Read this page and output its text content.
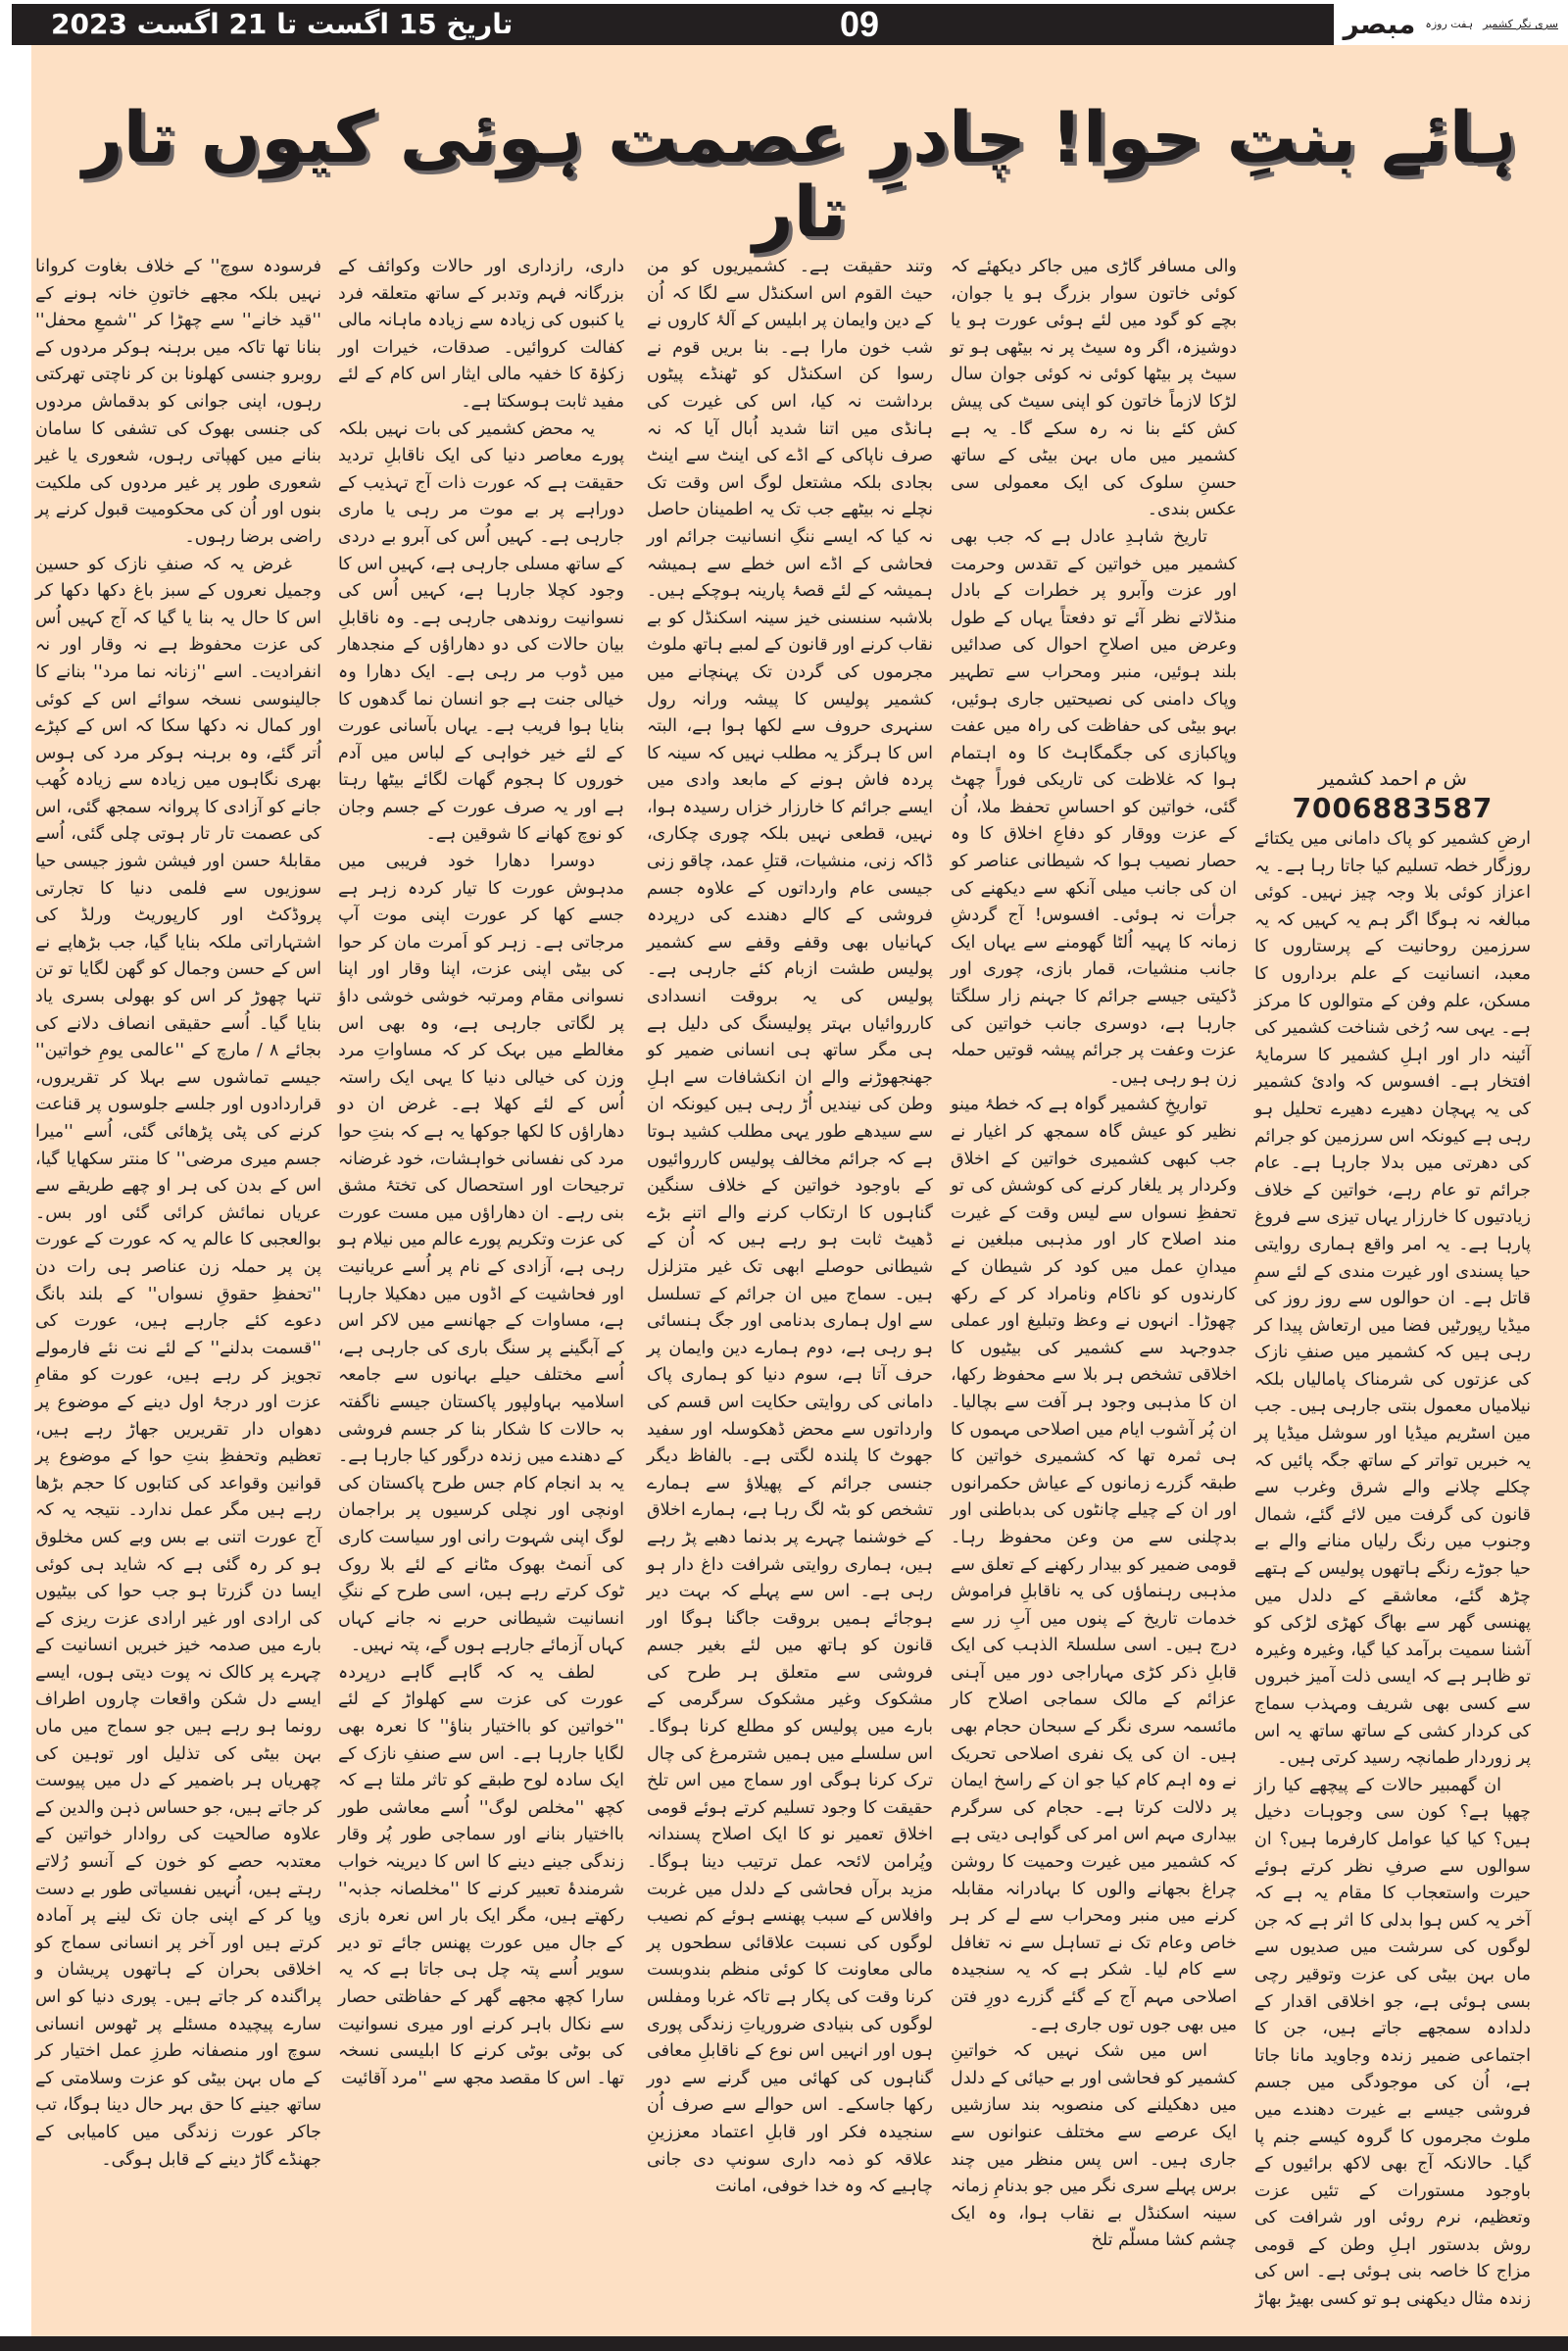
تاریخ 15 اگست تا 21 اگست 2023	09	مبصر ہفت روزہ سری نگر کشمیر
ہائے بنتِ حوا! چادرِ عصمت ہوئی کیوں تار تار

فرسودہ سوچ'' کے خلاف بغاوت کروانا نہیں بلکہ مجھے خاتونِ خانہ ہونے کے ''قید خانے'' سے چھڑا کر ''شمعِ محفل'' بنانا تھا تاکہ میں برہنہ ہوکر مردوں کے روبرو جنسی کھلونا بن کر ناچتی تھرکتی رہوں، اپنی جوانی کو بدقماش مردوں کی جنسی بھوک کی تشفی کا سامان بنانے میں کھپاتی رہوں، شعوری یا غیر شعوری طور پر غیر مردوں کی ملکیت بنوں اور اُن کی محکومیت قبول کرنے پر راضی برضا رہوں۔

غرض یہ کہ صنفِ نازک کو حسین وجمیل نعروں کے سبز باغ دکھا دکھا کر اس کا حال یہ بنا یا گیا کہ آج کہیں اُس کی عزت محفوظ ہے نہ وقار اور نہ انفرادیت۔ اسے ''زنانہ نما مرد'' بنانے کا جالینوسی نسخہ سوائے اس کے کوئی اور کمال نہ دکھا سکا کہ اس کے کپڑے اُتر گئے، وہ برہنہ ہوکر مرد کی ہوس بھری نگاہوں میں زیادہ سے زیادہ کُھب جانے کو آزادی کا پروانہ سمجھ گئی، اس کی عصمت تار تار ہوتی چلی گئی، اُسے مقابلۂ حسن اور فیشن شوز جیسی حیا سوزیوں سے فلمی دنیا کا تجارتی پروڈکٹ اور کارپوریٹ ورلڈ کی اشتہاراتی ملکہ بنایا گیا، جب بڑھاپے نے اس کے حسن وجمال کو گھن لگایا تو تن تنہا چھوڑ کر اس کو بھولی بسری یاد بنایا گیا۔ اُسے حقیقی انصاف دلانے کی بجائے ۸ / مارچ کے ''عالمی یومِ خواتین'' جیسے تماشوں سے بہلا کر تقریروں، قراردادوں اور جلسے جلوسوں پر قناعت کرنے کی پٹی پڑھائی گئی، اُسے ''میرا جسم میری مرضی'' کا منتر سکھایا گیا، اس کے بدن کی ہر او چھے طریقے سے عریاں نمائش کرائی گئی اور بس۔ بوالعجبی کا عالم یہ کہ عورت کے عورت پن پر حملہ زن عناصر ہی رات دن ''تحفظِ حقوقِ نسواں'' کے بلند بانگ دعوے کئے جارہے ہیں، عورت کی ''قسمت بدلنے'' کے لئے نت نئے فارمولے تجویز کر رہے ہیں، عورت کو مقامِ عزت اور درجۂ اول دینے کے موضوع پر دھواں دار تقریریں جھاڑ رہے ہیں، تعظیم وتحفظِ بنتِ حوا کے موضوع پر قوانین وقواعد کی کتابوں کا حجم بڑھا رہے ہیں مگر عمل ندارد۔ نتیجہ یہ کہ آج عورت اتنی بے بس وبے کس مخلوق ہو کر رہ گئی ہے کہ شاید ہی کوئی ایسا دن گزرتا ہو جب حوا کی بیٹیوں کی ارادی اور غیر ارادی عزت ریزی کے بارے میں صدمہ خیز خبریں انسانیت کے چہرے پر کالک نہ پوت دیتی ہوں، ایسے ایسے دل شکن واقعات چاروں اطراف رونما ہو رہے ہیں جو سماج میں ماں بہن بیٹی کی تذلیل اور توہین کی چھریاں ہر باضمیر کے دل میں پیوست کر جاتے ہیں، جو حساس ذہن والدین کے علاوہ صالحیت کی روادار خواتین کے معتدبہ حصے کو خون کے آنسو رُلاتے رہتے ہیں، اُنہیں نفسیاتی طور بے دست وپا کر کے اپنی جان تک لینے پر آمادہ کرتے ہیں اور آخر پر انسانی سماج کو اخلاقی بحران کے ہاتھوں پریشان و پراگندہ کر جاتے ہیں۔ پوری دنیا کو اس سارے پیچیدہ مسئلے پر ٹھوس انسانی سوچ اور منصفانہ طرزِ عمل اختیار کر کے ماں بہن بیٹی کو عزت وسلامتی کے ساتھ جینے کا حق بہر حال دینا ہوگا، تب جاکر عورت زندگی میں کامیابی کے جھنڈے گاڑ دینے کے قابل ہوگی۔

داری، رازداری اور حالات وکوائف کے بزرگانہ فہم وتدبر کے ساتھ متعلقہ فرد یا کنبوں کی زیادہ سے زیادہ ماہانہ مالی کفالت کروائیں۔ صدقات، خیرات اور زکوٰۃ کا خفیہ مالی ایثار اس کام کے لئے مفید ثابت ہوسکتا ہے۔

یہ محض کشمیر کی بات نہیں بلکہ پورے معاصر دنیا کی ایک ناقابلِ تردید حقیقت ہے کہ عورت ذات آج تہذیب کے دوراہے پر بے موت مر رہی یا ماری جارہی ہے۔ کہیں اُس کی آبرو بے دردی کے ساتھ مسلی جارہی ہے، کہیں اس کا وجود کچلا جارہا ہے، کہیں اُس کی نسوانیت روندھی جارہی ہے۔ وہ ناقابلِ بیان حالات کی دو دھاراؤں کے منجدھار میں ڈوب مر رہی ہے۔ ایک دھارا وہ خیالی جنت ہے جو انسان نما گدھوں کا بنایا ہوا فریب ہے۔ یہاں بآسانی عورت کے لئے خیر خواہی کے لباس میں آدم خوروں کا ہجوم گھات لگائے بیٹھا رہتا ہے اور یہ صرف عورت کے جسم وجان کو نوچ کھانے کا شوقین ہے۔

دوسرا دھارا خود فریبی میں مدہوش عورت کا تیار کردہ زہر ہے جسے کھا کر عورت اپنی موت آپ مرجاتی ہے۔ زہر کو اَمرت مان کر حوا کی بیٹی اپنی عزت، اپنا وقار اور اپنا نسوانی مقام ومرتبہ خوشی خوشی داؤ پر لگاتی جارہی ہے، وہ بھی اس مغالطے میں بہک کر کہ مساواتِ مرد وزن کی خیالی دنیا کا یہی ایک راستہ اُس کے لئے کھلا ہے۔ غرض ان دو دھاراؤں کا لکھا جوکھا یہ ہے کہ بنتِ حوا مرد کی نفسانی خواہشات، خود غرضانہ ترجیحات اور استحصال کی تختۂ مشق بنی رہے۔ ان دھاراؤں میں مست عورت کی عزت وتکریم پورے عالم میں نیلام ہو رہی ہے، آزادی کے نام پر اُسے عریانیت اور فحاشیت کے اڈوں میں دھکیلا جارہا ہے، مساوات کے جھانسے میں لاکر اس کے آبگینے پر سنگ باری کی جارہی ہے، اُسے مختلف حیلے بہانوں سے جامعہ اسلامیہ بہاولپور پاکستان جیسے ناگفتہ بہ حالات کا شکار بنا کر جسم فروشی کے دھندے میں زندہ درگور کیا جارہا ہے۔ یہ بد انجام کام جس طرح پاکستان کی اونچی اور نچلی کرسیوں پر براجمان لوگ اپنی شہوت رانی اور سیاست کاری کی اَنمٹ بھوک مٹانے کے لئے بلا روک ٹوک کرتے رہے ہیں، اسی طرح کے ننگِ انسانیت شیطانی حربے نہ جانے کہاں کہاں آزمائے جارہے ہوں گے، پتہ نہیں۔

لطف یہ کہ گاہے گاہے درپردہ عورت کی عزت سے کھلواڑ کے لئے ''خواتین کو بااختیار بناؤ'' کا نعرہ بھی لگایا جارہا ہے۔ اس سے صنفِ نازک کے ایک سادہ لوح طبقے کو تاثر ملتا ہے کہ کچھ ''مخلص لوگ'' اُسے معاشی طور بااختیار بنانے اور سماجی طور پُر وقار زندگی جینے دینے کا اس کا دیرینہ خواب شرمندۂ تعبیر کرنے کا ''مخلصانہ جذبہ'' رکھتے ہیں، مگر ایک بار اس نعرہ بازی کے جال میں عورت پھنس جائے تو دیر سویر اُسے پتہ چل ہی جاتا ہے کہ یہ سارا کچھ مجھے گھر کے حفاظتی حصار سے نکال باہر کرنے اور میری نسوانیت کی بوٹی بوٹی کرنے کا ابلیسی نسخہ تھا۔ اس کا مقصد مجھ سے ''مرد آقائیت

وتند حقیقت ہے۔ کشمیریوں کو من حیث القوم اس اسکنڈل سے لگا کہ اُن کے دین وایمان پر ابلیس کے آلۂ کاروں نے شب خون مارا ہے۔ بنا بریں قوم نے رسوا کن اسکنڈل کو ٹھنڈے پیٹوں برداشت نہ کیا، اس کی غیرت کی ہانڈی میں اتنا شدید اُبال آیا کہ نہ صرف ناپاکی کے اڈے کی اینٹ سے اینٹ بجادی بلکہ مشتعل لوگ اس وقت تک نچلے نہ بیٹھے جب تک یہ اطمینان حاصل نہ کیا کہ ایسے ننگِ انسانیت جرائم اور فحاشی کے اڈے اس خطے سے ہمیشہ ہمیشہ کے لئے قصۂ پارینہ ہوچکے ہیں۔ بلاشبہ سنسنی خیز سینہ اسکنڈل کو بے نقاب کرنے اور قانون کے لمبے ہاتھ ملوث مجرموں کی گردن تک پہنچانے میں کشمیر پولیس کا پیشہ ورانہ رول سنہری حروف سے لکھا ہوا ہے، البتہ اس کا ہرگز یہ مطلب نہیں کہ سینہ کا پردہ فاش ہونے کے مابعد وادی میں ایسے جرائم کا خارزار خزاں رسیدہ ہوا، نہیں، قطعی نہیں بلکہ چوری چکاری، ڈاکہ زنی، منشیات، قتلِ عمد، چاقو زنی جیسی عام وارداتوں کے علاوہ جسم فروشی کے کالے دھندے کی درپردہ کہانیاں بھی وقفے وقفے سے کشمیر پولیس طشت ازبام کئے جارہی ہے۔ پولیس کی یہ بروقت انسدادی کارروائیاں بہتر پولیسنگ کی دلیل ہے ہی مگر ساتھ ہی انسانی ضمیر کو جھنجھوڑنے والے ان انکشافات سے اہلِ وطن کی نیندیں اُڑ رہی ہیں کیونکہ ان سے سیدھے طور یہی مطلب کشید ہوتا ہے کہ جرائم مخالف پولیس کارروائیوں کے باوجود خواتین کے خلاف سنگین گناہوں کا ارتکاب کرنے والے اتنے بڑے ڈھیٹ ثابت ہو رہے ہیں کہ اُن کے شیطانی حوصلے ابھی تک غیر متزلزل ہیں۔ سماج میں ان جرائم کے تسلسل سے اول ہماری بدنامی اور جگ ہنسائی ہو رہی ہے، دوم ہمارے دین وایمان پر حرف آتا ہے، سوم دنیا کو ہماری پاک دامانی کی روایتی حکایت اس قسم کی وارداتوں سے محض ڈھکوسلہ اور سفید جھوٹ کا پلندہ لگتی ہے۔ بالفاظ دیگر جنسی جرائم کے پھیلاؤ سے ہمارے تشخص کو بٹہ لگ رہا ہے، ہمارے اخلاق کے خوشنما چہرے پر بدنما دھبے پڑ رہے ہیں، ہماری روایتی شرافت داغ دار ہو رہی ہے۔ اس سے پہلے کہ بہت دیر ہوجائے ہمیں بروقت جاگنا ہوگا اور قانون کو ہاتھ میں لئے بغیر جسم فروشی سے متعلق ہر طرح کی مشکوک وغیر مشکوک سرگرمی کے بارے میں پولیس کو مطلع کرنا ہوگا۔ اس سلسلے میں ہمیں شترمرغ کی چال ترک کرنا ہوگی اور سماج میں اس تلخ حقیقت کا وجود تسلیم کرتے ہوئے قومی اخلاق تعمیر نو کا ایک اصلاح پسندانہ وپُرامن لائحہ عمل ترتیب دینا ہوگا۔ مزید برآں فحاشی کے دلدل میں غربت وافلاس کے سبب پھنسے ہوئے کم نصیب لوگوں کی نسبت علاقائی سطحوں پر مالی معاونت کا کوئی منظم بندوبست کرنا وقت کی پکار ہے تاکہ غربا ومفلس لوگوں کی بنیادی ضروریاتِ زندگی پوری ہوں اور انہیں اس نوع کے ناقابلِ معافی گناہوں کی کھائی میں گرنے سے دور رکھا جاسکے۔ اس حوالے سے صرف اُن سنجیدہ فکر اور قابلِ اعتماد معززینِ علاقہ کو ذمہ داری سونپ دی جانی چاہیے کہ وہ خدا خوفی، امانت

والی مسافر گاڑی میں جاکر دیکھئے کہ کوئی خاتون سوار بزرگ ہو یا جوان، بچے کو گود میں لئے ہوئی عورت ہو یا دوشیزہ، اگر وہ سیٹ پر نہ بیٹھی ہو تو سیٹ پر بیٹھا کوئی نہ کوئی جوان سال لڑکا لازماً خاتون کو اپنی سیٹ کی پیش کش کئے بنا نہ رہ سکے گا۔ یہ ہے کشمیر میں ماں بہن بیٹی کے ساتھ حسنِ سلوک کی ایک معمولی سی عکس بندی۔

تاریخ شاہدِ عادل ہے کہ جب بھی کشمیر میں خواتین کے تقدس وحرمت اور عزت وآبرو پر خطرات کے بادل منڈلاتے نظر آئے تو دفعتاً یہاں کے طول وعرض میں اصلاحِ احوال کی صدائیں بلند ہوئیں، منبر ومحراب سے تطہیر وپاک دامنی کی نصیحتیں جاری ہوئیں، بہو بیٹی کی حفاظت کی راہ میں عفت وپاکبازی کی جگمگاہٹ کا وہ اہتمام ہوا کہ غلاظت کی تاریکی فوراً چھٹ گئی، خواتین کو احساسِ تحفظ ملا، اُن کے عزت ووقار کو دفاعِ اخلاق کا وہ حصار نصیب ہوا کہ شیطانی عناصر کو ان کی جانب میلی آنکھ سے دیکھنے کی جرأت نہ ہوئی۔ افسوس! آج گردشِ زمانہ کا پہیہ اُلٹا گھومنے سے یہاں ایک جانب منشیات، قمار بازی، چوری اور ڈکیتی جیسے جرائم کا جہنم زار سلگتا جارہا ہے، دوسری جانب خواتین کی عزت وعفت پر جرائم پیشہ قوتیں حملہ زن ہو رہی ہیں۔

تواریخِ کشمیر گواہ ہے کہ خطۂ مینو نظیر کو عیش گاہ سمجھ کر اغیار نے جب کبھی کشمیری خواتین کے اخلاق وکردار پر یلغار کرنے کی کوشش کی تو تحفظِ نسواں سے لیس وقت کے غیرت مند اصلاح کار اور مذہبی مبلغین نے میدانِ عمل میں کود کر شیطان کے کارندوں کو ناکام ونامراد کر کے رکھ چھوڑا۔ انہوں نے وعظ وتبلیغ اور عملی جدوجہد سے کشمیر کی بیٹیوں کا اخلاقی تشخص ہر بلا سے محفوظ رکھا، ان کا مذہبی وجود ہر آفت سے بچالیا۔ ان پُر آشوب ایام میں اصلاحی مہموں کا ہی ثمرہ تھا کہ کشمیری خواتین کا طبقہ گزرے زمانوں کے عیاش حکمرانوں اور ان کے چیلے چانٹوں کی بدباطنی اور بدچلنی سے من وعن محفوظ رہا۔ قومی ضمیر کو بیدار رکھنے کے تعلق سے مذہبی رہنماؤں کی یہ ناقابلِ فراموش خدمات تاریخ کے پنوں میں آبِ زر سے درج ہیں۔ اسی سلسلۃ الذہب کی ایک قابلِ ذکر کڑی مہاراجی دور میں آہنی عزائم کے مالک سماجی اصلاح کار مائسمہ سری نگر کے سبحان حجام بھی ہیں۔ ان کی یک نفری اصلاحی تحریک نے وہ اہم کام کیا جو ان کے راسخ ایمان پر دلالت کرتا ہے۔ حجام کی سرگرم بیداری مہم اس امر کی گواہی دیتی ہے کہ کشمیر میں غیرت وحمیت کا روشن چراغ بجھانے والوں کا بہادرانہ مقابلہ کرنے میں منبر ومحراب سے لے کر ہر خاص وعام تک نے تساہل سے نہ تغافل سے کام لیا۔ شکر ہے کہ یہ سنجیدہ اصلاحی مہم آج کے گئے گزرے دورِ فتن میں بھی جوں توں جاری ہے۔

اس میں شک نہیں کہ خواتینِ کشمیر کو فحاشی اور بے حیائی کے دلدل میں دھکیلنے کی منصوبہ بند سازشیں ایک عرصے سے مختلف عنوانوں سے جاری ہیں۔ اس پس منظر میں چند برس پہلے سری نگر میں جو بدنامِ زمانہ سینہ اسکنڈل بے نقاب ہوا، وہ ایک چشم کشا مسلّم تلخ

ش م احمد کشمیر
7006883587

ارضِ کشمیر کو پاک دامانی میں یکتائے روزگار خطہ تسلیم کیا جاتا رہا ہے۔ یہ اعزاز کوئی بلا وجہ چیز نہیں۔ کوئی مبالغہ نہ ہوگا اگر ہم یہ کہیں کہ یہ سرزمین روحانیت کے پرستاروں کا معبد، انسانیت کے علم برداروں کا مسکن، علم وفن کے متوالوں کا مرکز ہے۔ یہی سہ رُخی شناخت کشمیر کی آئینہ دار اور اہلِ کشمیر کا سرمایۂ افتخار ہے۔ افسوس کہ وادیٔ کشمیر کی یہ پہچان دھیرے دھیرے تحلیل ہو رہی ہے کیونکہ اس سرزمین کو جرائم کی دھرتی میں بدلا جارہا ہے۔ عام جرائم تو عام رہے، خواتین کے خلاف زیادتیوں کا خارزار یہاں تیزی سے فروغ پارہا ہے۔ یہ امر واقع ہماری روایتی حیا پسندی اور غیرت مندی کے لئے سمِ قاتل ہے۔ ان حوالوں سے روز روز کی میڈیا رپورٹیں فضا میں ارتعاش پیدا کر رہی ہیں کہ کشمیر میں صنفِ نازک کی عزتوں کی شرمناک پامالیاں بلکہ نیلامیاں معمول بنتی جارہی ہیں۔ جب مین اسٹریم میڈیا اور سوشل میڈیا پر یہ خبریں تواتر کے ساتھ جگہ پائیں کہ چکلے چلانے والے شرق وغرب سے قانون کی گرفت میں لائے گئے، شمال وجنوب میں رنگ رلیاں منانے والے بے حیا جوڑے رنگے ہاتھوں پولیس کے ہتھے چڑھ گئے، معاشقے کے دلدل میں پھنسی گھر سے بھاگ کھڑی لڑکی کو آشنا سمیت برآمد کیا گیا، وغیرہ وغیرہ تو ظاہر ہے کہ ایسی ذلت آمیز خبروں سے کسی بھی شریف ومہذب سماج کی کردار کشی کے ساتھ ساتھ یہ اس پر زوردار طمانچہ رسید کرتی ہیں۔

ان گھمبیر حالات کے پیچھے کیا راز چھپا ہے؟ کون سی وجوہات دخیل ہیں؟ کیا کیا عوامل کارفرما ہیں؟ ان سوالوں سے صرفِ نظر کرتے ہوئے حیرت واستعجاب کا مقام یہ ہے کہ آخر یہ کس ہوا بدلی کا اثر ہے کہ جن لوگوں کی سرشت میں صدیوں سے ماں بہن بیٹی کی عزت وتوقیر رچی بسی ہوئی ہے، جو اخلاقی اقدار کے دلدادہ سمجھے جاتے ہیں، جن کا اجتماعی ضمیر زندہ وجاوید مانا جاتا ہے، اُن کی موجودگی میں جسم فروشی جیسے بے غیرت دھندے میں ملوث مجرموں کا گروہ کیسے جنم پا گیا۔ حالانکہ آج بھی لاکھ برائیوں کے باوجود مستورات کے تئیں عزت وتعظیم، نرم روئی اور شرافت کی روش بدستور اہلِ وطن کے قومی مزاج کا خاصہ بنی ہوئی ہے۔ اس کی زندہ مثال دیکھنی ہو تو کسی بھیڑ بھاڑ
